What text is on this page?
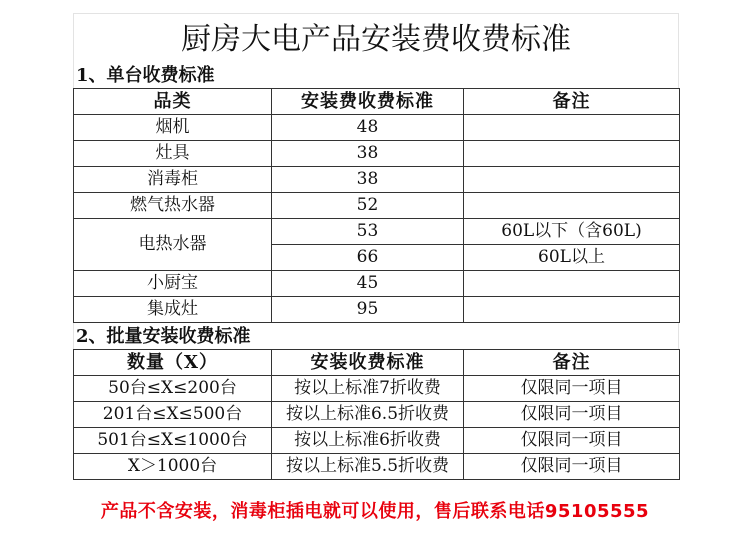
厨房大电产品安装费收费标准
1、单台收费标准
品类	安装费收费标准	备注
烟机	48	
灶具	38	
消毒柜	38	
燃气热水器	52	
电热水器	53	60L以下（含60L)
	66	60L以上
小厨宝	45	
集成灶	95	
2、批量安装收费标准
数量（X）	安装收费标准	备注
50台≤X≤200台	按以上标准7折收费	仅限同一项目
201台≤X≤500台	按以上标准6.5折收费	仅限同一项目
501台≤X≤1000台	按以上标准6折收费	仅限同一项目
X＞1000台	按以上标准5.5折收费	仅限同一项目
产品不含安装，消毒柜插电就可以使用，售后联系电话95105555
